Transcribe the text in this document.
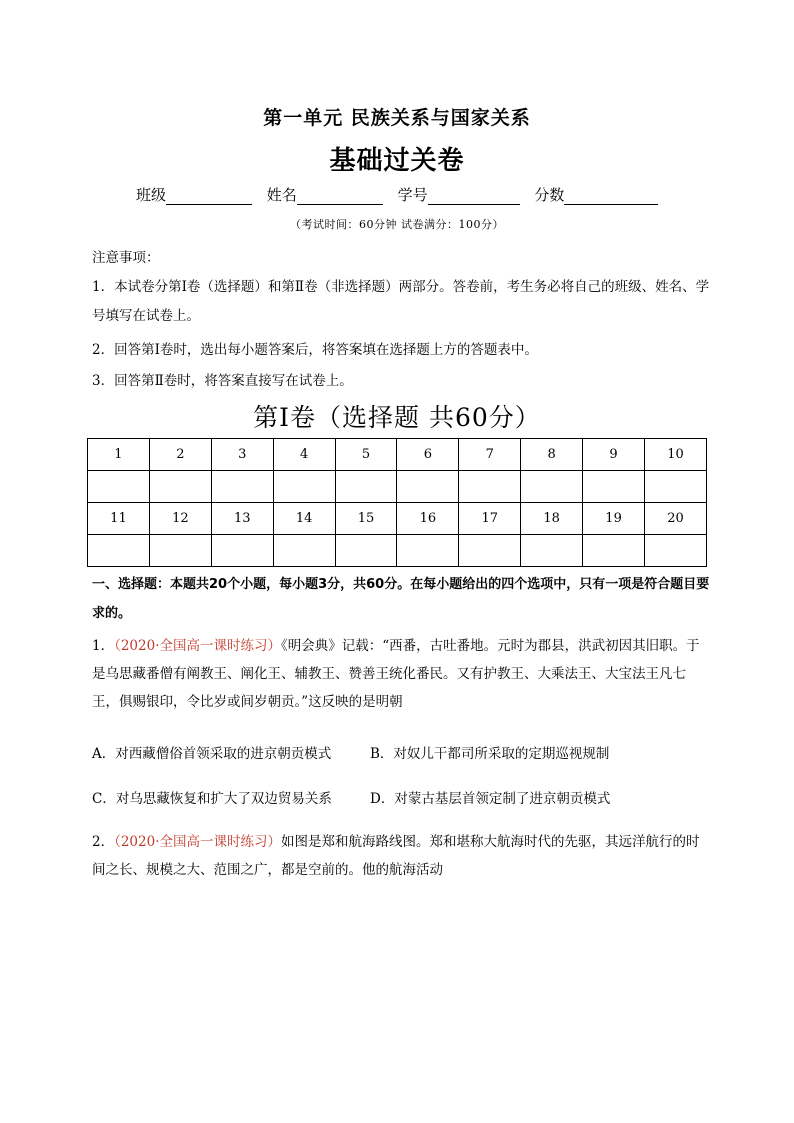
第一单元 民族关系与国家关系
基础过关卷
班级	姓名	学号	分数
（考试时间：60分钟 试卷满分：100分）

注意事项：

1．本试卷分第Ⅰ卷（选择题）和第Ⅱ卷（非选择题）两部分。答卷前，考生务必将自己的班级、姓名、学号填写在试卷上。

2．回答第Ⅰ卷时，选出每小题答案后，将答案填在选择题上方的答题表中。

3．回答第Ⅱ卷时，将答案直接写在试卷上。

第Ⅰ卷（选择题 共60分）
1	2	3	4	5	6	7	8	9	10

11	12	13	14	15	16	17	18	19	20

一、选择题：本题共20个小题，每小题3分，共60分。在每小题给出的四个选项中，只有一项是符合题目要求的。
1．（2020·全国高一课时练习）《明会典》记载：“西番，古吐番地。元时为郡县，洪武初因其旧职。于是乌思藏番僧有阐教王、阐化王、辅教王、赞善王统化番民。又有护教王、大乘法王、大宝法王凡七王，俱赐银印，令比岁或间岁朝贡。”这反映的是明朝
A．对西藏僧俗首领采取的进京朝贡模式	B．对奴儿干都司所采取的定期巡视规制
C．对乌思藏恢复和扩大了双边贸易关系	D．对蒙古基层首领定制了进京朝贡模式
2．（2020·全国高一课时练习）如图是郑和航海路线图。郑和堪称大航海时代的先驱，其远洋航行的时间之长、规模之大、范围之广，都是空前的。他的航海活动
